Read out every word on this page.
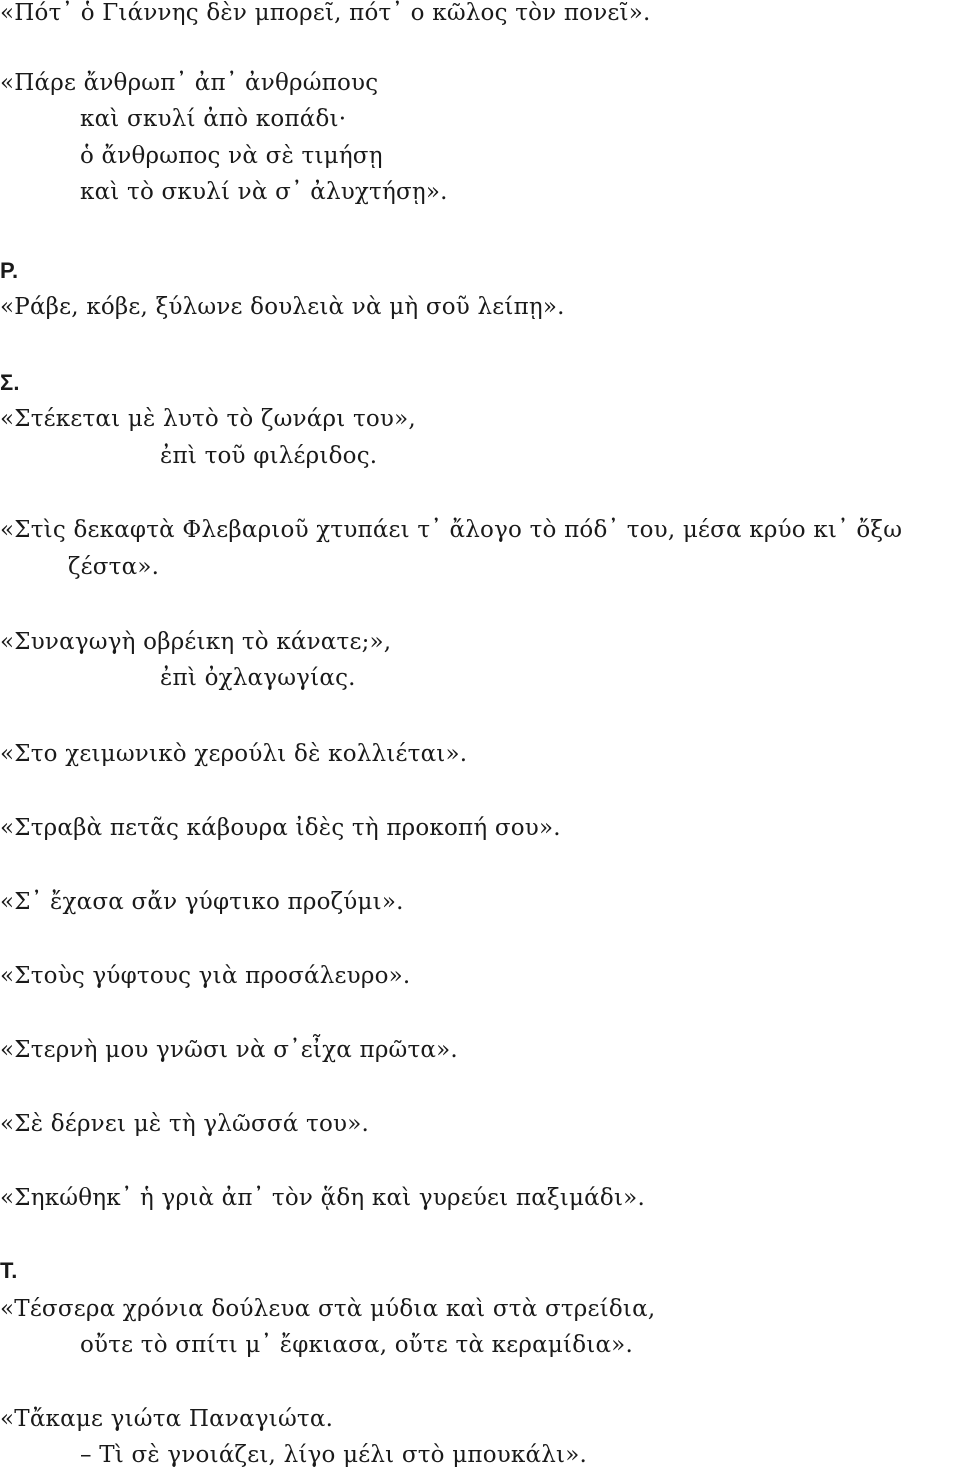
«Πότ᾽ ὁ Γιάννης δὲν μπορεῖ, πότ᾽ ο κῶλος τὸν πονεῖ».
«Πάρε ἄνθρωπ᾽ ἀπ᾽ ἀνθρώπους
καὶ σκυλί ἀπὸ κοπάδι·
ὁ ἄνθρωπος νὰ σὲ τιμήσῃ
καὶ τὸ σκυλί νὰ σ᾽ ἀλυχτήσῃ».
Ρ.
«Ράβε, κόβε, ξύλωνε δουλειὰ νὰ μὴ σοῦ λείπῃ».
Σ.
«Στέκεται μὲ λυτὸ τὸ ζωνάρι του»,
ἐπὶ τοῦ φιλέριδος.
«Στὶς δεκαφτὰ Φλεβαριοῦ χτυπάει τ᾽ ἄλογο τὸ πόδ᾽ του, μέσα κρύο κι᾽ ὄξω
ζέστα».
«Συναγωγὴ οβρέικη τὸ κάνατε;»,
ἐπὶ ὀχλαγωγίας.
«Στο χειμωνικὸ χερούλι δὲ κολλιέται».
«Στραβὰ πετᾶς κάβουρα ἰδὲς τὴ προκοπή σου».
«Σ᾽ ἔχασα σἄν γύφτικο προζύμι».
«Στοὺς γύφτους γιὰ προσάλευρο».
«Στερνὴ μου γνῶσι νὰ σ᾽εἶχα πρῶτα».
«Σὲ δέρνει μὲ τὴ γλῶσσά του».
«Σηκώθηκ᾽ ἡ γριὰ ἀπ᾽ τὸν ᾅδη καὶ γυρεύει παξιμάδι».
Τ.
«Τέσσερα χρόνια δούλευα στὰ μύδια καὶ στὰ στρείδια,
οὔτε τὸ σπίτι μ᾽ ἔφκιασα, οὔτε τὰ κεραμίδια».
«Τἄκαμε γιώτα Παναγιώτα.
– Τὶ σὲ γνοιάζει, λίγο μέλι στὸ μπουκάλι».
